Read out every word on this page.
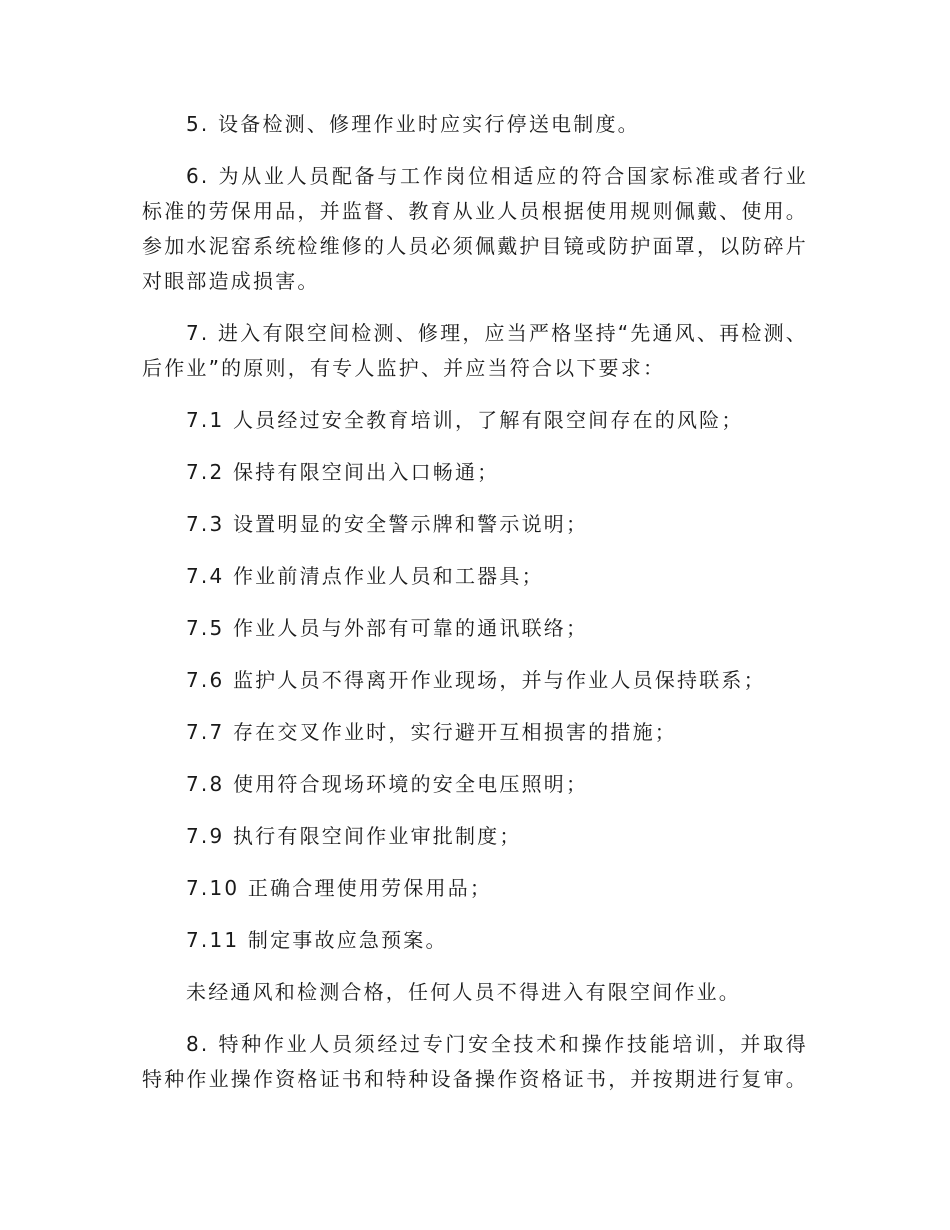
5. 设备检测、修理作业时应实行停送电制度。

6. 为从业人员配备与工作岗位相适应的符合国家标准或者行业标准的劳保用品，并监督、教育从业人员根据使用规则佩戴、使用。参加水泥窑系统检维修的人员必须佩戴护目镜或防护面罩，以防碎片对眼部造成损害。

7. 进入有限空间检测、修理，应当严格坚持“先通风、再检测、后作业”的原则，有专人监护、并应当符合以下要求：

7.1 人员经过安全教育培训，了解有限空间存在的风险；

7.2 保持有限空间出入口畅通；

7.3 设置明显的安全警示牌和警示说明；

7.4 作业前清点作业人员和工器具；

7.5 作业人员与外部有可靠的通讯联络；

7.6 监护人员不得离开作业现场，并与作业人员保持联系；

7.7 存在交叉作业时，实行避开互相损害的措施；

7.8 使用符合现场环境的安全电压照明；

7.9 执行有限空间作业审批制度；

7.10 正确合理使用劳保用品；

7.11 制定事故应急预案。

未经通风和检测合格，任何人员不得进入有限空间作业。

8. 特种作业人员须经过专门安全技术和操作技能培训，并取得特种作业操作资格证书和特种设备操作资格证书，并按期进行复审。
